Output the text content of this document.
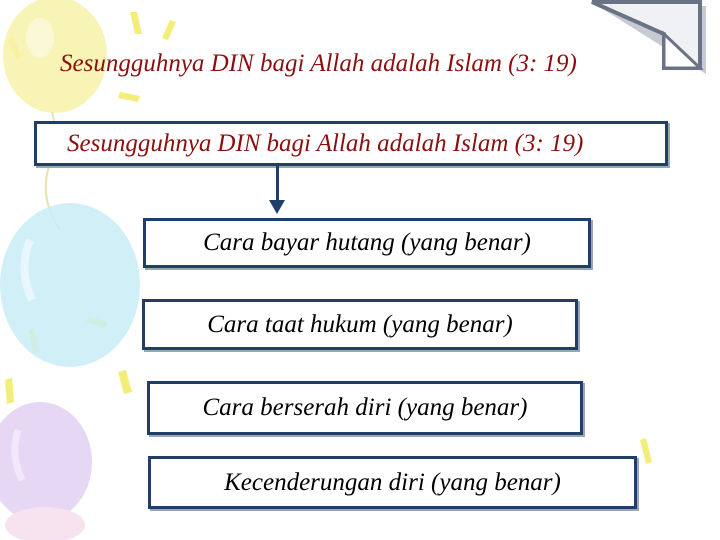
Sesungguhnya DIN bagi Allah adalah Islam (3: 19)
Sesungguhnya DIN bagi Allah adalah Islam (3: 19)
Cara bayar hutang (yang benar)
Cara taat hukum (yang benar)
Cara berserah diri (yang benar)
Kecenderungan diri (yang benar)
